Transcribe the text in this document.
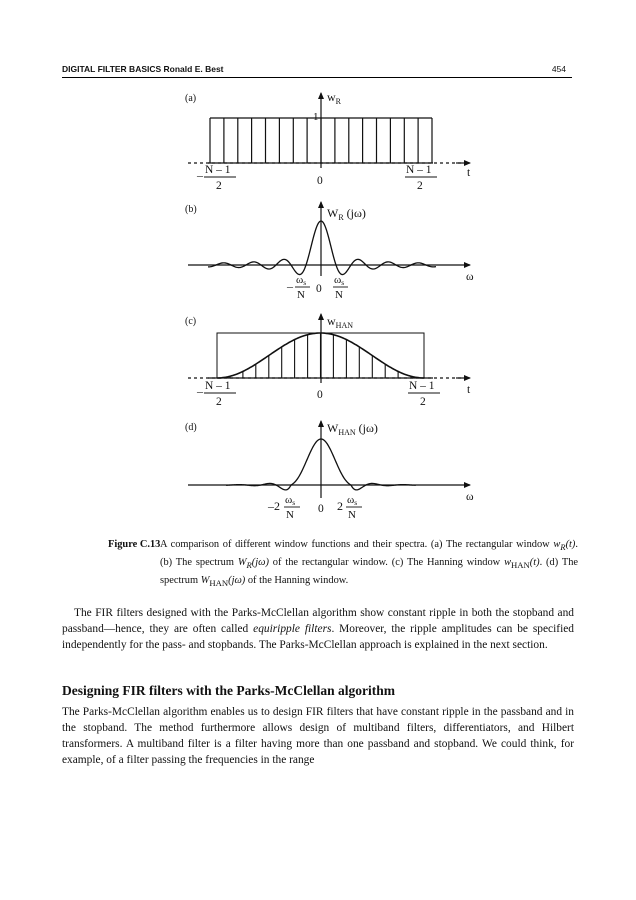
DIGITAL FILTER BASICS Ronald E. Best	454
(a)	$w_R$
1
– N – 1
2	0
N – 1
2
t
(b)	$W_R$ (jω)
– ωs
N 0
ωs
N
ω
(c)	$w_{HAN}$
– N – 1
2
0
N – 1
2
t
(d)	$W_{HAN}$ (jω)
–2 ωs
N 0 2 ωs
N
ω
Figure C.13 A comparison of different window functions and their spectra. (a) The rectangular window $w_R(t)$. (b) The spectrum $W_R(j\omega)$ of the rectangular window. (c) The Hanning window $w_{HAN}(t)$. (d) The spectrum $W_{HAN}(j\omega)$ of the Hanning window.

The FIR filters designed with the Parks-McClellan algorithm show constant ripple in both the stopband and passband—hence, they are often called equiripple filters. Moreover, the ripple amplitudes can be specified independently for the pass- and stopbands. The Parks-McClellan approach is explained in the next section.

Designing FIR filters with the Parks-McClellan algorithm

The Parks-McClellan algorithm enables us to design FIR filters that have constant ripple in the passband and in the stopband. The method furthermore allows design of multiband filters, differentiators, and Hilbert transformers. A multiband filter is a filter having more than one passband and stopband. We could think, for example, of a filter passing the frequencies in the range
